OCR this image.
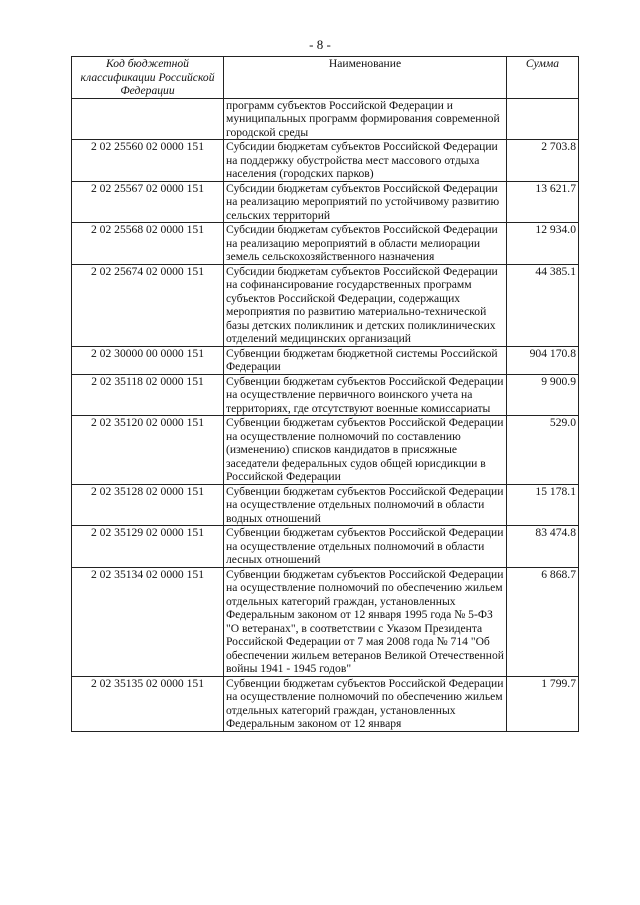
- 8 -
Код бюджетной классификации Российской Федерации	Наименование	Сумма
	программ субъектов Российской Федерации и муниципальных программ формирования современной городской среды	
2 02 25560 02 0000 151	Субсидии бюджетам субъектов Российской Федерации на поддержку обустройства мест массового отдыха населения (городских парков)	2 703.8
2 02 25567 02 0000 151	Субсидии бюджетам субъектов Российской Федерации на реализацию мероприятий по устойчивому развитию сельских территорий	13 621.7
2 02 25568 02 0000 151	Субсидии бюджетам субъектов Российской Федерации на реализацию мероприятий в области мелиорации земель сельскохозяйственного назначения	12 934.0
2 02 25674 02 0000 151	Субсидии бюджетам субъектов Российской Федерации на софинансирование государственных программ субъектов Российской Федерации, содержащих мероприятия по развитию материально-технической базы детских поликлиник и детских поликлинических отделений медицинских организаций	44 385.1
2 02 30000 00 0000 151	Субвенции бюджетам бюджетной системы Российской Федерации	904 170.8
2 02 35118 02 0000 151	Субвенции бюджетам субъектов Российской Федерации на осуществление первичного воинского учета на территориях, где отсутствуют военные комиссариаты	9 900.9
2 02 35120 02 0000 151	Субвенции бюджетам субъектов Российской Федерации на осуществление полномочий по составлению (изменению) списков кандидатов в присяжные заседатели федеральных судов общей юрисдикции в Российской Федерации	529.0
2 02 35128 02 0000 151	Субвенции бюджетам субъектов Российской Федерации на осуществление отдельных полномочий в области водных отношений	15 178.1
2 02 35129 02 0000 151	Субвенции бюджетам субъектов Российской Федерации на осуществление отдельных полномочий в области лесных отношений	83 474.8
2 02 35134 02 0000 151	Субвенции бюджетам субъектов Российской Федерации на осуществление полномочий по обеспечению жильем отдельных категорий граждан, установленных Федеральным законом от 12 января 1995 года № 5-ФЗ "О ветеранах", в соответствии с Указом Президента Российской Федерации от 7 мая 2008 года № 714 "Об обеспечении жильем ветеранов Великой Отечественной войны 1941 - 1945 годов"	6 868.7
2 02 35135 02 0000 151	Субвенции бюджетам субъектов Российской Федерации на осуществление полномочий по обеспечению жильем отдельных категорий граждан, установленных Федеральным законом от 12 января	1 799.7
